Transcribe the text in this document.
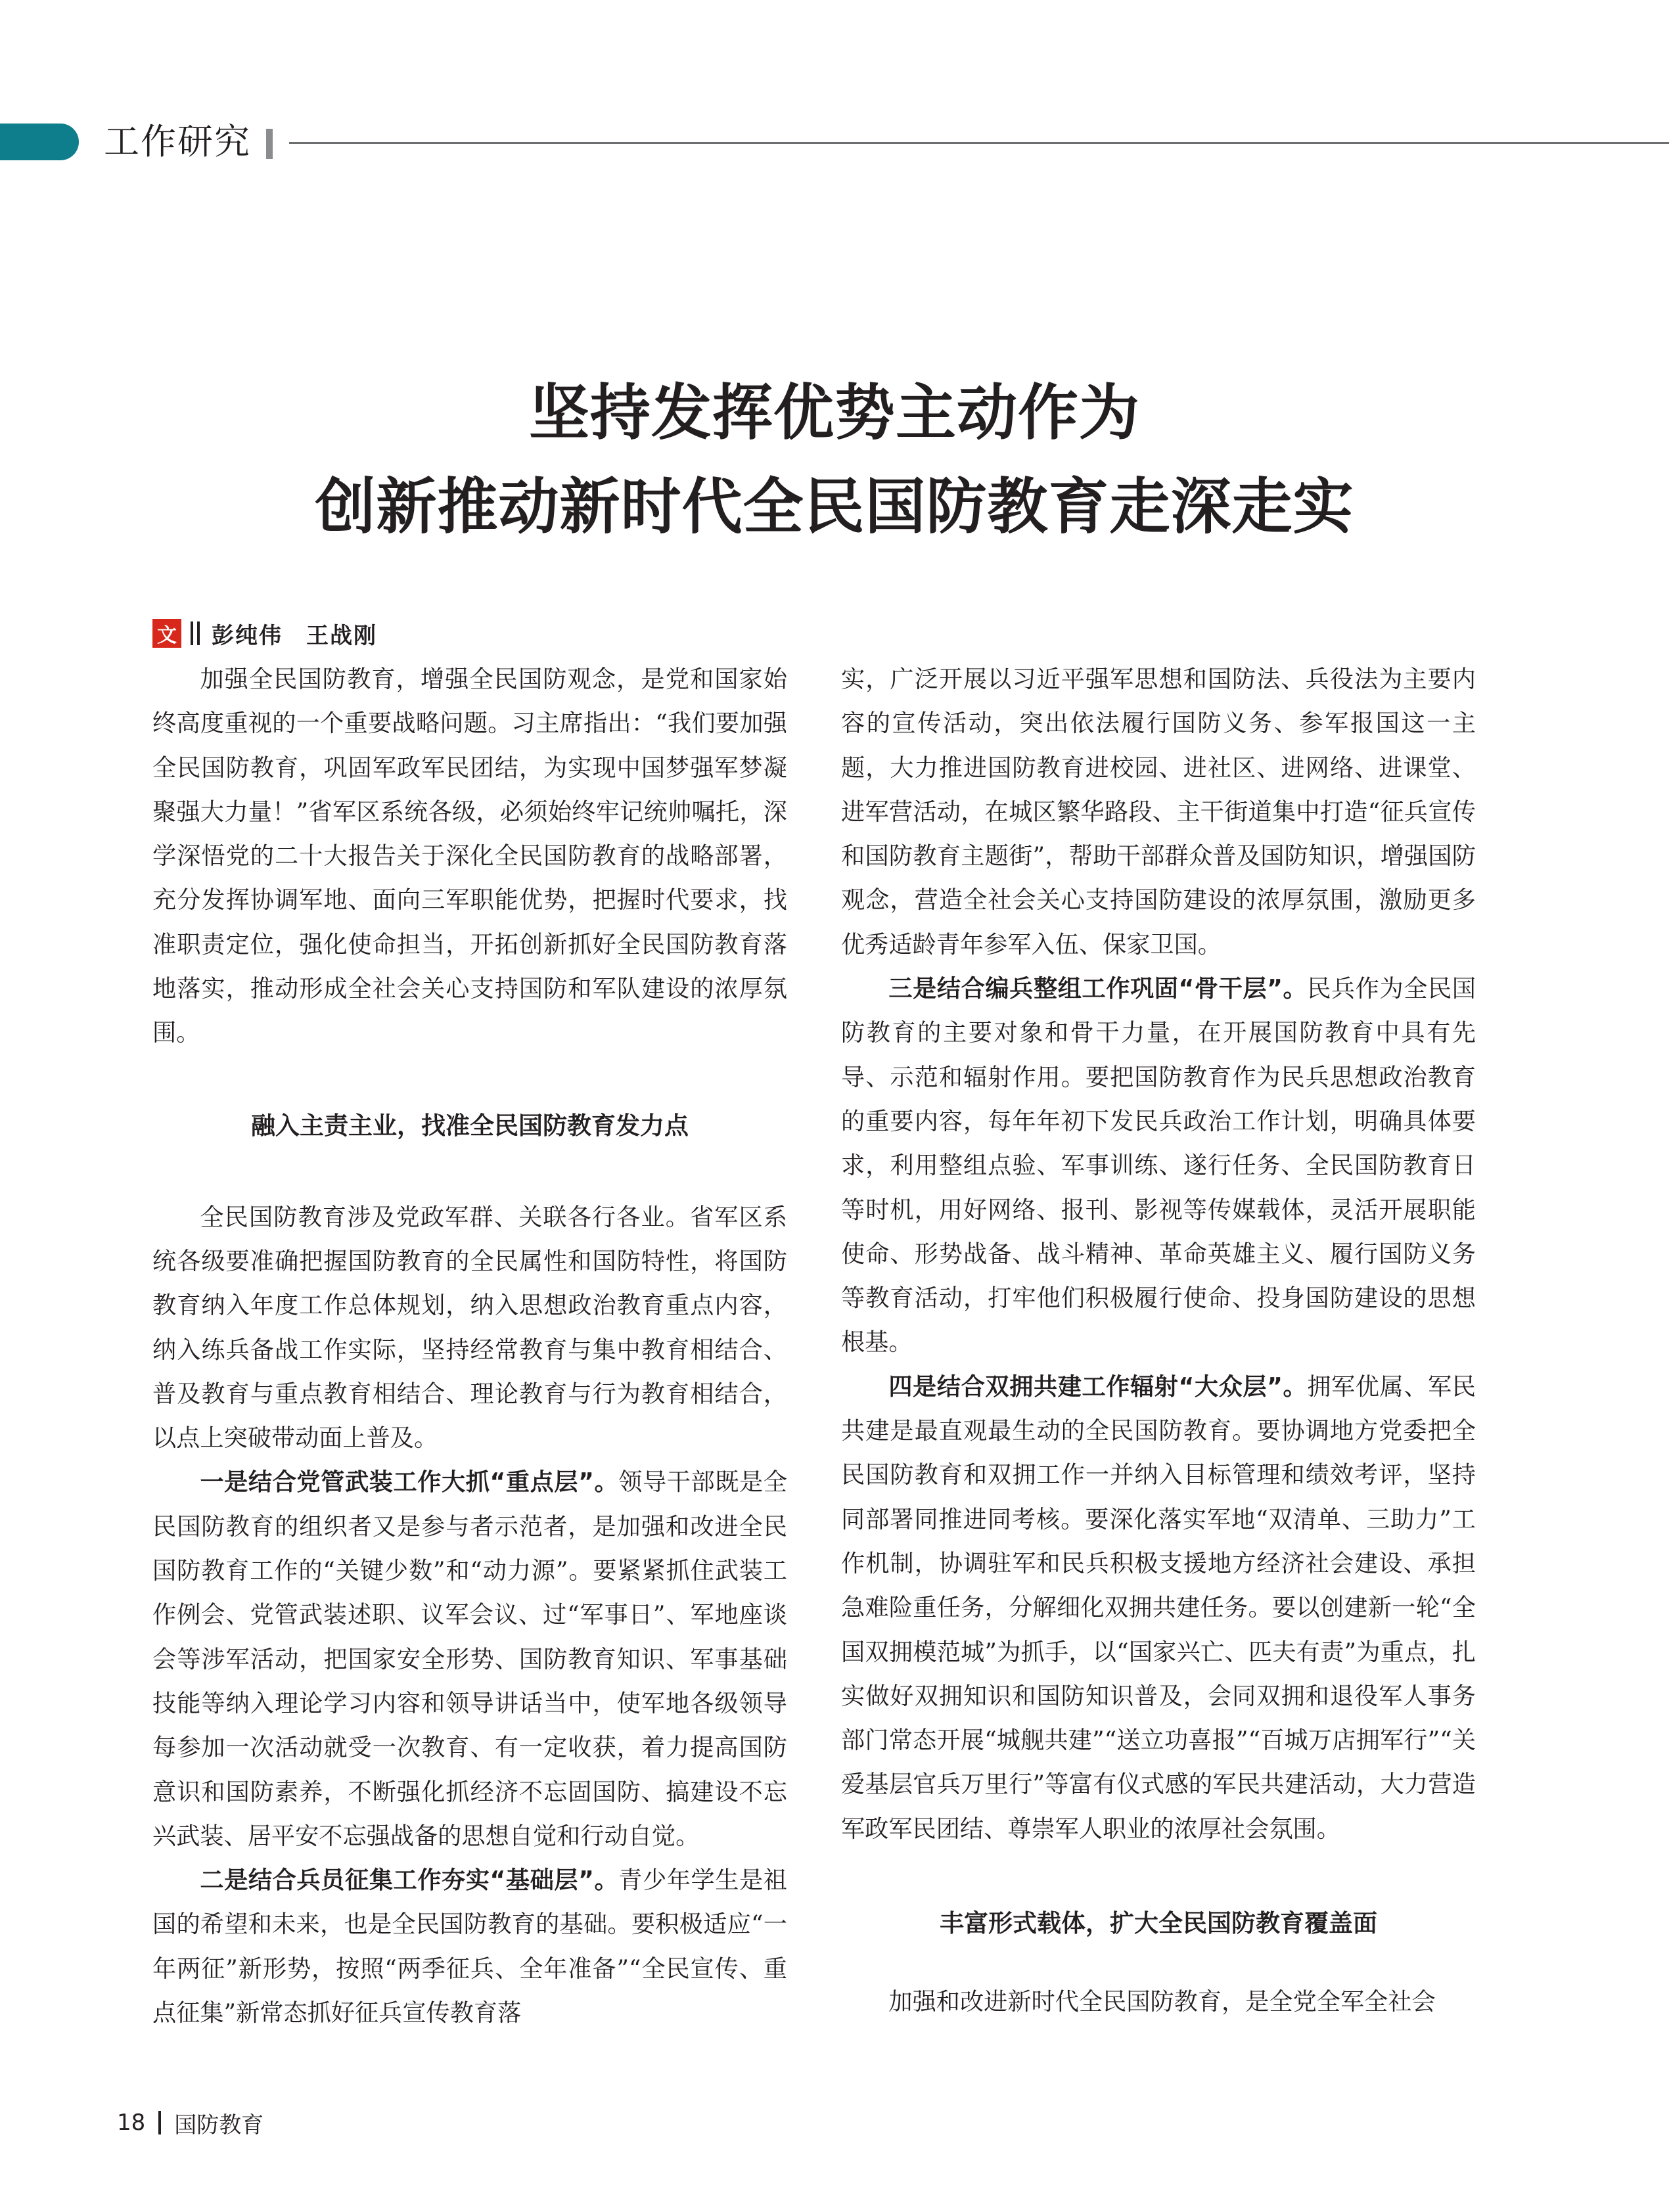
工作研究
坚持发挥优势主动作为
创新推动新时代全民国防教育走深走实
文 彭纯伟　王战刚

加强全民国防教育，增强全民国防观念，是党和国家始终高度重视的一个重要战略问题。习主席指出：“我们要加强全民国防教育，巩固军政军民团结，为实现中国梦强军梦凝聚强大力量！”省军区系统各级，必须始终牢记统帅嘱托，深学深悟党的二十大报告关于深化全民国防教育的战略部署，充分发挥协调军地、面向三军职能优势，把握时代要求，找准职责定位，强化使命担当，开拓创新抓好全民国防教育落地落实，推动形成全社会关心支持国防和军队建设的浓厚氛围。

融入主责主业，找准全民国防教育发力点

全民国防教育涉及党政军群、关联各行各业。省军区系统各级要准确把握国防教育的全民属性和国防特性，将国防教育纳入年度工作总体规划，纳入思想政治教育重点内容，纳入练兵备战工作实际，坚持经常教育与集中教育相结合、普及教育与重点教育相结合、理论教育与行为教育相结合，以点上突破带动面上普及。

一是结合党管武装工作大抓“重点层”。领导干部既是全民国防教育的组织者又是参与者示范者，是加强和改进全民国防教育工作的“关键少数”和“动力源”。要紧紧抓住武装工作例会、党管武装述职、议军会议、过“军事日”、军地座谈会等涉军活动，把国家安全形势、国防教育知识、军事基础技能等纳入理论学习内容和领导讲话当中，使军地各级领导每参加一次活动就受一次教育、有一定收获，着力提高国防意识和国防素养，不断强化抓经济不忘固国防、搞建设不忘兴武装、居平安不忘强战备的思想自觉和行动自觉。

二是结合兵员征集工作夯实“基础层”。青少年学生是祖国的希望和未来，也是全民国防教育的基础。要积极适应“一年两征”新形势，按照“两季征兵、全年准备”“全民宣传、重点征集”新常态抓好征兵宣传教育落

实，广泛开展以习近平强军思想和国防法、兵役法为主要内容的宣传活动，突出依法履行国防义务、参军报国这一主题，大力推进国防教育进校园、进社区、进网络、进课堂、进军营活动，在城区繁华路段、主干街道集中打造“征兵宣传和国防教育主题街”，帮助干部群众普及国防知识，增强国防观念，营造全社会关心支持国防建设的浓厚氛围，激励更多优秀适龄青年参军入伍、保家卫国。

三是结合编兵整组工作巩固“骨干层”。民兵作为全民国防教育的主要对象和骨干力量，在开展国防教育中具有先导、示范和辐射作用。要把国防教育作为民兵思想政治教育的重要内容，每年年初下发民兵政治工作计划，明确具体要求，利用整组点验、军事训练、遂行任务、全民国防教育日等时机，用好网络、报刊、影视等传媒载体，灵活开展职能使命、形势战备、战斗精神、革命英雄主义、履行国防义务等教育活动，打牢他们积极履行使命、投身国防建设的思想根基。

四是结合双拥共建工作辐射“大众层”。拥军优属、军民共建是最直观最生动的全民国防教育。要协调地方党委把全民国防教育和双拥工作一并纳入目标管理和绩效考评，坚持同部署同推进同考核。要深化落实军地“双清单、三助力”工作机制，协调驻军和民兵积极支援地方经济社会建设、承担急难险重任务，分解细化双拥共建任务。要以创建新一轮“全国双拥模范城”为抓手，以“国家兴亡、匹夫有责”为重点，扎实做好双拥知识和国防知识普及，会同双拥和退役军人事务部门常态开展“城舰共建”“送立功喜报”“百城万店拥军行”“关爱基层官兵万里行”等富有仪式感的军民共建活动，大力营造军政军民团结、尊崇军人职业的浓厚社会氛围。

丰富形式载体，扩大全民国防教育覆盖面

加强和改进新时代全民国防教育，是全党全军全社会

18 国防教育
